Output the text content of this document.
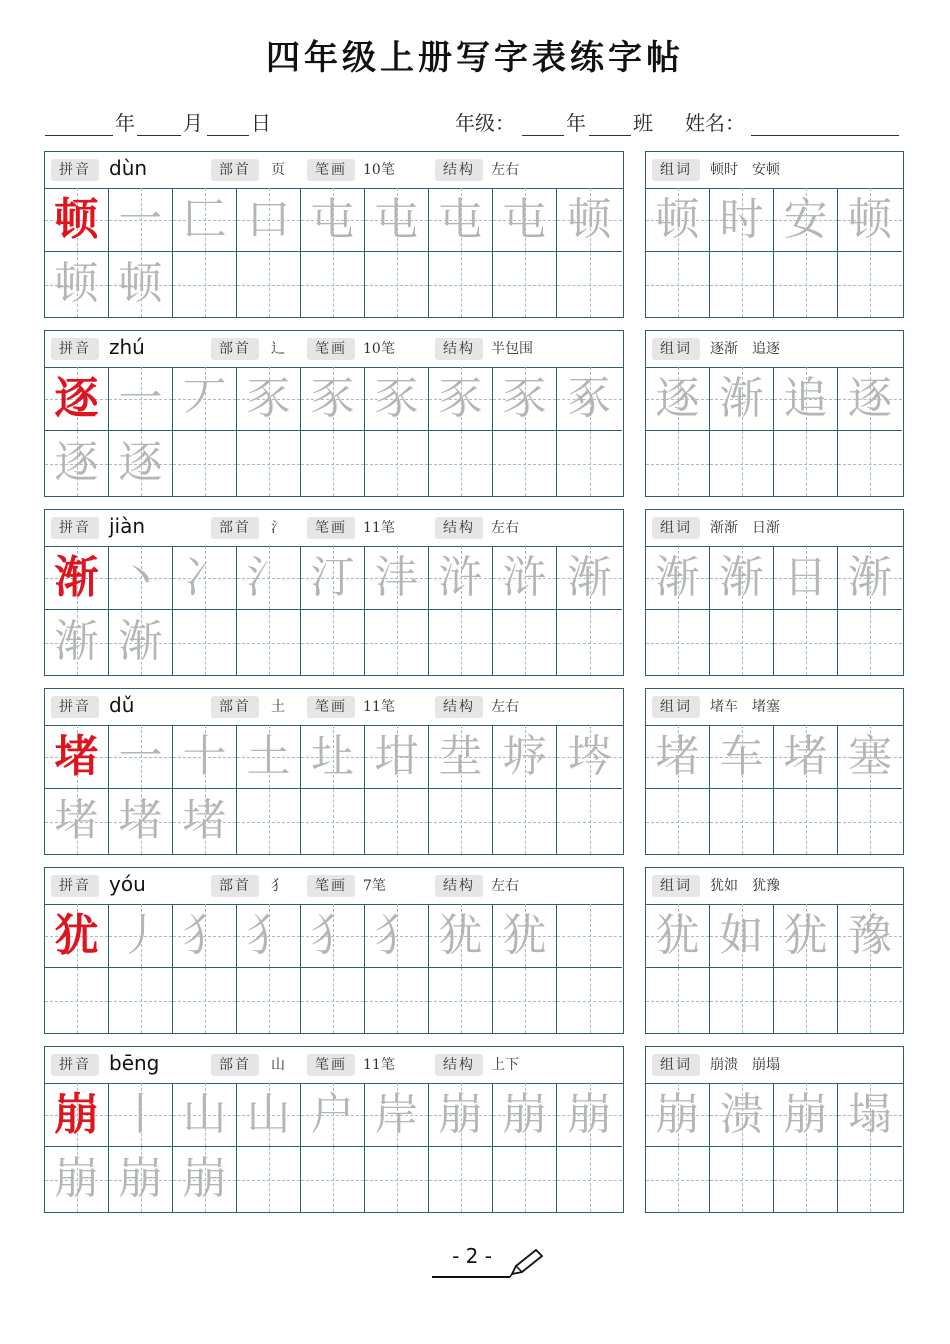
四年级上册写字表练字帖
年 月 日	年级：	年 班 姓名：
拼音 dùn	部首	页	笔画	10笔	结构	左右
顿 一 匚 口 屯 屯 屯 屯 顿
顿 顿
组词	顿时　安顿
顿 时 安 顿
拼音 zhú	部首	辶	笔画	10笔	结构	半包围
逐 一 丆 豕 豕 豕 豕 豕 豖
逐 逐
组词	逐渐　追逐
逐 渐 追 逐
拼音 jiàn	部首	氵	笔画	11笔	结构	左右
渐 丶 冫 氵 汀 沣 浒 浒 渐
渐 渐
组词	渐渐　日渐
渐 渐 日 渐
拼音 dǔ	部首	土	笔画	11笔	结构	左右
堵 一 十 土 圵 坩 坓 垿 埁
堵 堵 堵
组词	堵车　堵塞
堵 车 堵 塞
拼音 yóu	部首	犭	笔画	7笔	结构	左右
犹 丿 犭 犭 犭 犭 犹 犹
组词	犹如　犹豫
犹 如 犹 豫
拼音 bēng	部首	山	笔画	11笔	结构	上下
崩 丨 山 山 户 岸 崩 崩 崩
崩 崩 崩
组词	崩溃　崩塌
崩 溃 崩 塌
- 2 -
